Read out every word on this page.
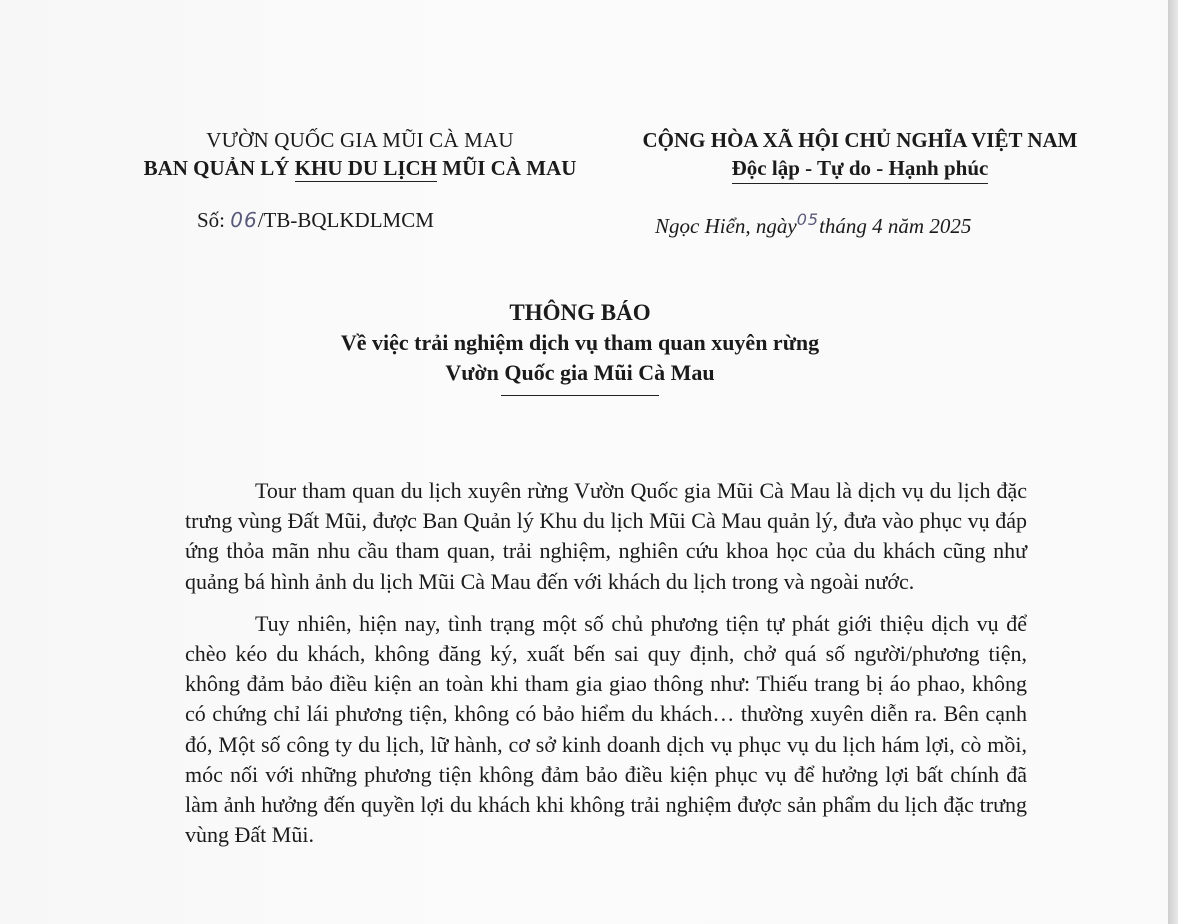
VƯỜN QUỐC GIA MŨI CÀ MAU
BAN QUẢN LÝ KHU DU LỊCH MŨI CÀ MAU
CỘNG HÒA XÃ HỘI CHỦ NGHĨA VIỆT NAM
Độc lập - Tự do - Hạnh phúc
Số: 06/TB-BQLKDLMCM	Ngọc Hiển, ngày$^{05}$tháng 4 năm 2025
THÔNG BÁO
Về việc trải nghiệm dịch vụ tham quan xuyên rừng
Vườn Quốc gia Mũi Cà Mau

Tour tham quan du lịch xuyên rừng Vườn Quốc gia Mũi Cà Mau là dịch vụ du lịch đặc trưng vùng Đất Mũi, được Ban Quản lý Khu du lịch Mũi Cà Mau quản lý, đưa vào phục vụ đáp ứng thỏa mãn nhu cầu tham quan, trải nghiệm, nghiên cứu khoa học của du khách cũng như quảng bá hình ảnh du lịch Mũi Cà Mau đến với khách du lịch trong và ngoài nước.

Tuy nhiên, hiện nay, tình trạng một số chủ phương tiện tự phát giới thiệu dịch vụ để chèo kéo du khách, không đăng ký, xuất bến sai quy định, chở quá số người/phương tiện, không đảm bảo điều kiện an toàn khi tham gia giao thông như: Thiếu trang bị áo phao, không có chứng chỉ lái phương tiện, không có bảo hiểm du khách… thường xuyên diễn ra. Bên cạnh đó, Một số công ty du lịch, lữ hành, cơ sở kinh doanh dịch vụ phục vụ du lịch hám lợi, cò mồi, móc nối với những phương tiện không đảm bảo điều kiện phục vụ để hưởng lợi bất chính đã làm ảnh hưởng đến quyền lợi du khách khi không trải nghiệm được sản phẩm du lịch đặc trưng vùng Đất Mũi.
